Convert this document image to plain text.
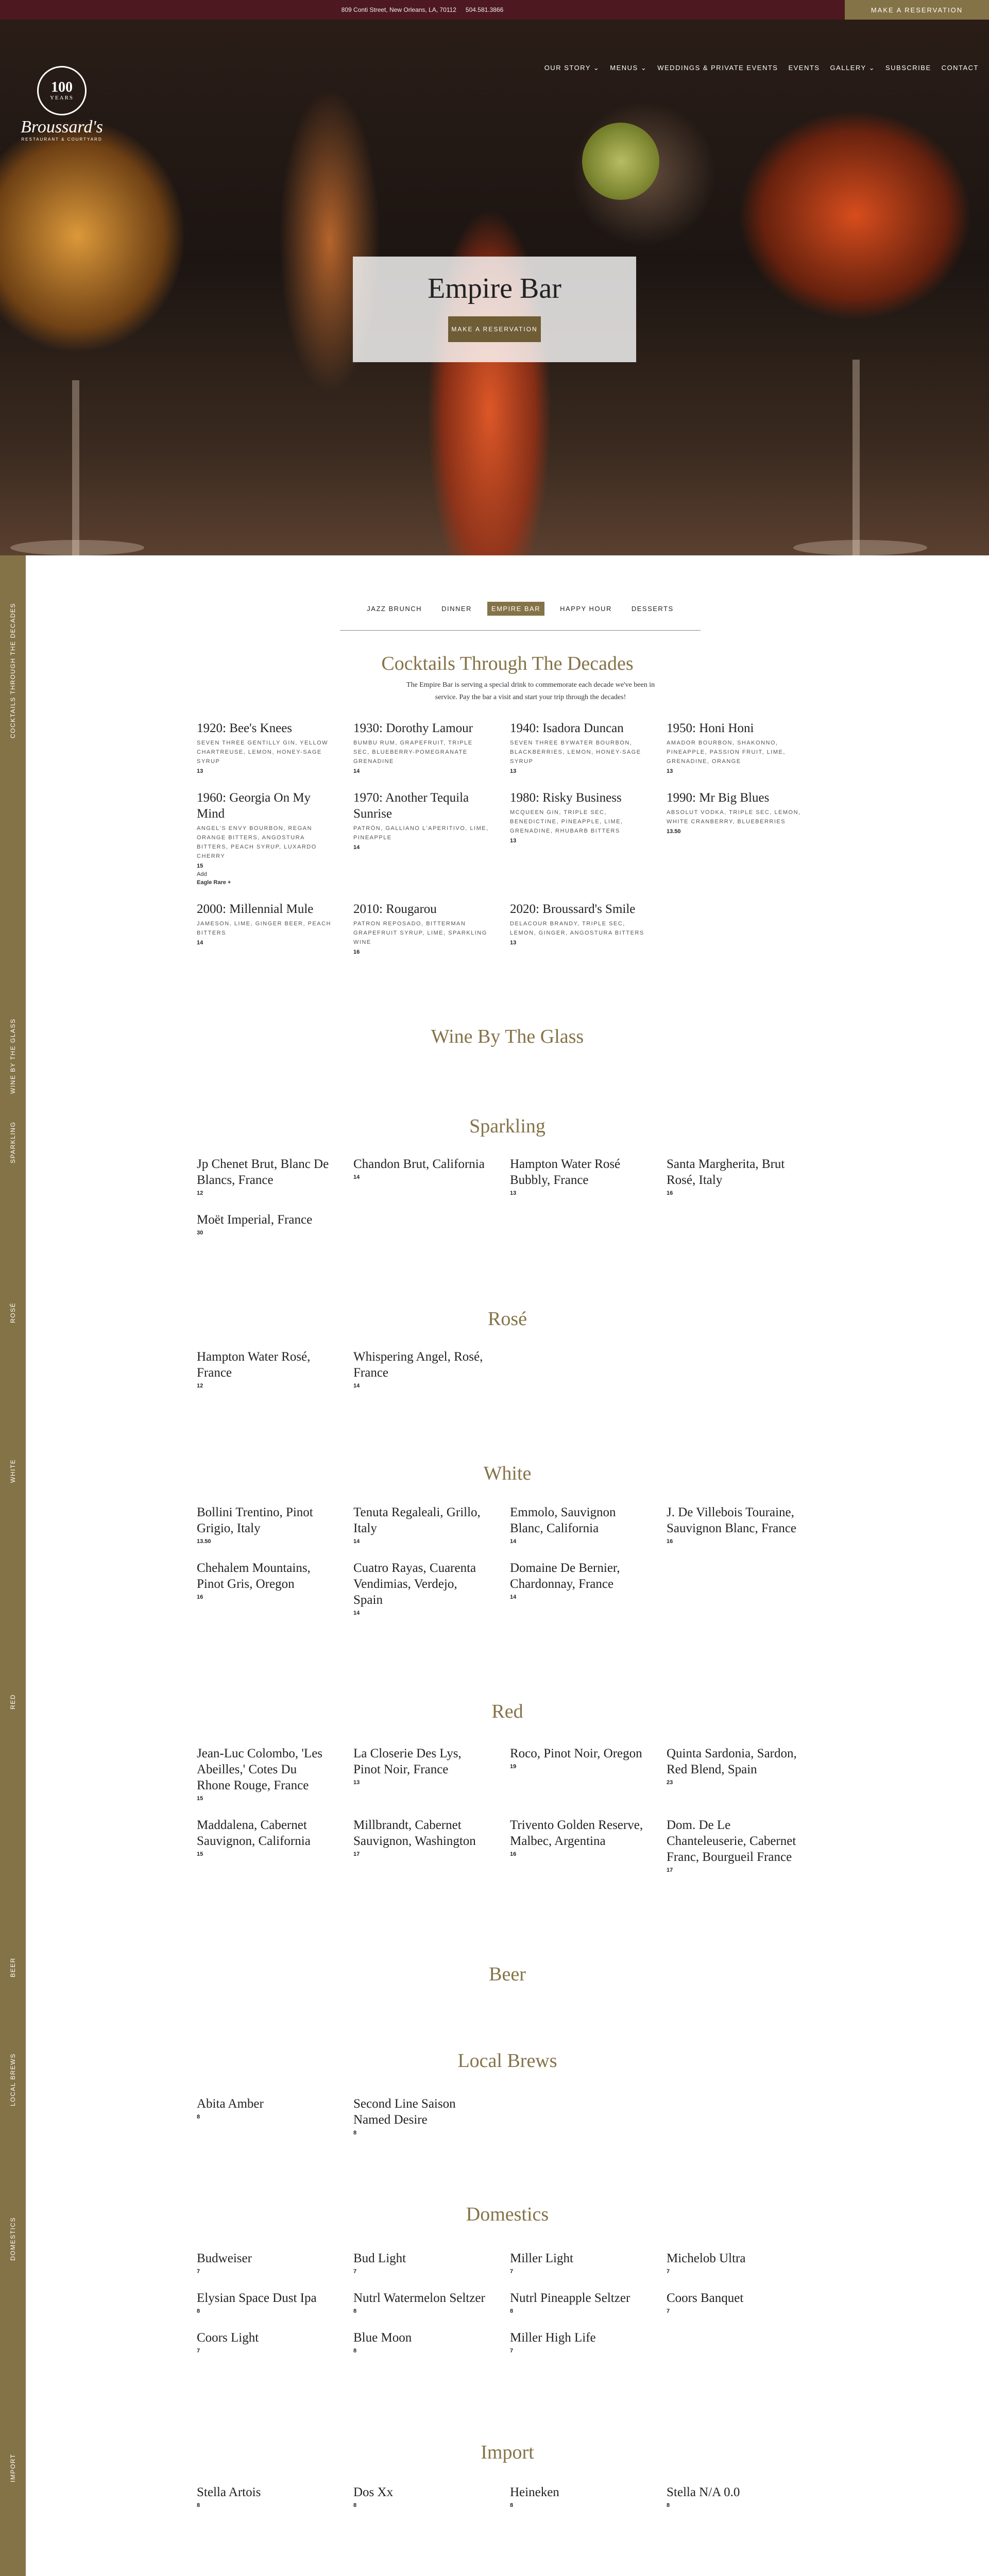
809 Conti Street, New Orleans, LA, 70112 504.581.3866	MAKE A RESERVATION
100
YEARS
Broussard's
RESTAURANT & COURTYARD
OUR STORY ⌄ MENUS ⌄ WEDDINGS & PRIVATE EVENTS EVENTS GALLERY ⌄ SUBSCRIBE CONTACT
Empire Bar
MAKE A RESERVATION
COCKTAILS THROUGH THE DECADES
WINE BY THE GLASS
SPARKLING
ROSÉ
WHITE
RED
BEER
LOCAL BREWS
DOMESTICS
IMPORT
JAZZ BRUNCH	DINNER	EMPIRE BAR	HAPPY HOUR	DESSERTS
Cocktails Through The Decades

The Empire Bar is serving a special drink to commemorate each decade we've been in service. Pay the bar a visit and start your trip through the decades!

1920: Bee's Knees
SEVEN THREE GENTILLY GIN, YELLOW CHARTREUSE, LEMON, HONEY-SAGE SYRUP
13
1930: Dorothy Lamour
BUMBU RUM, GRAPEFRUIT, TRIPLE SEC, BLUEBERRY-POMEGRANATE GRENADINE
14
1940: Isadora Duncan
SEVEN THREE BYWATER BOURBON, BLACKBERRIES, LEMON, HONEY-SAGE SYRUP
13
1950: Honi Honi
AMADOR BOURBON, SHAKONNO, PINEAPPLE, PASSION FRUIT, LIME, GRENADINE, ORANGE
13
1960: Georgia On My Mind
ANGEL'S ENVY BOURBON, REGAN ORANGE BITTERS, ANGOSTURA BITTERS, PEACH SYRUP, LUXARDO CHERRY
15
Add
Eagle Rare +
1970: Another Tequila Sunrise
PATRÓN, GALLIANO L'APERITIVO, LIME, PINEAPPLE
14
1980: Risky Business
MCQUEEN GIN, TRIPLE SEC, BENEDICTINE, PINEAPPLE, LIME, GRENADINE, RHUBARB BITTERS
13
1990: Mr Big Blues
ABSOLUT VODKA, TRIPLE SEC, LEMON, WHITE CRANBERRY, BLUEBERRIES
13.50
2000: Millennial Mule
JAMESON, LIME, GINGER BEER, PEACH BITTERS
14
2010: Rougarou
PATRON REPOSADO, BITTERMAN GRAPEFRUIT SYRUP, LIME, SPARKLING WINE
16
2020: Broussard's Smile
DELACOUR BRANDY, TRIPLE SEC, LEMON, GINGER, ANGOSTURA BITTERS
13
Wine By The Glass
Sparkling
Jp Chenet Brut, Blanc De Blancs, France
12
Chandon Brut, California
14
Hampton Water Rosé Bubbly, France
13
Santa Margherita, Brut Rosé, Italy
16
Moët Imperial, France
30
Rosé
Hampton Water Rosé, France
12
Whispering Angel, Rosé, France
14
White
Bollini Trentino, Pinot Grigio, Italy
13.50
Tenuta Regaleali, Grillo, Italy
14
Emmolo, Sauvignon Blanc, California
14
J. De Villebois Touraine, Sauvignon Blanc, France
16
Chehalem Mountains, Pinot Gris, Oregon
16
Cuatro Rayas, Cuarenta Vendimias, Verdejo, Spain
14
Domaine De Bernier, Chardonnay, France
14
Red
Jean-Luc Colombo, 'Les Abeilles,' Cotes Du Rhone Rouge, France
15
La Closerie Des Lys, Pinot Noir, France
13
Roco, Pinot Noir, Oregon
19
Quinta Sardonia, Sardon, Red Blend, Spain
23
Maddalena, Cabernet Sauvignon, California
15
Millbrandt, Cabernet Sauvignon, Washington
17
Trivento Golden Reserve, Malbec, Argentina
16
Dom. De Le Chanteleuserie, Cabernet Franc, Bourgueil France
17
Beer
Local Brews
Abita Amber
8
Second Line Saison Named Desire
8
Domestics
Budweiser
7
Bud Light
7
Miller Light
7
Michelob Ultra
7
Elysian Space Dust Ipa
8
Nutrl Watermelon Seltzer
8
Nutrl Pineapple Seltzer
8
Coors Banquet
7
Coors Light
7
Blue Moon
8
Miller High Life
7
Import
Stella Artois
8
Dos Xx
8
Heineken
8
Stella N/A 0.0
8
